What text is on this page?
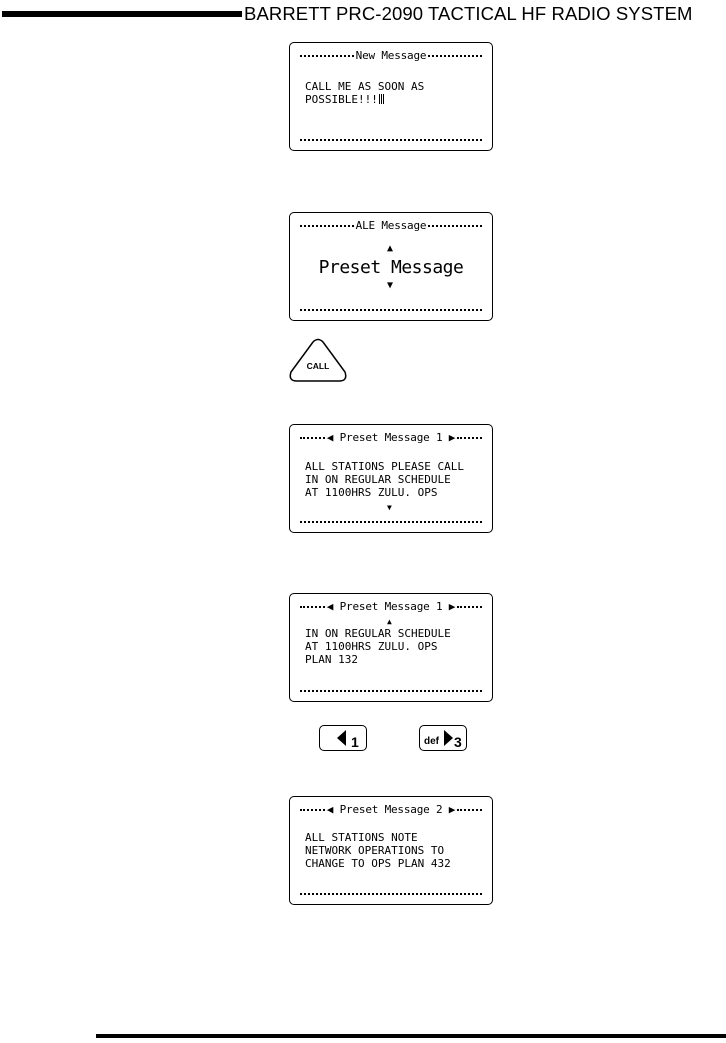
BARRETT PRC-2090 TACTICAL HF RADIO SYSTEM
New Message
CALL ME AS SOON AS
POSSIBLE!!!
ALE Message
▲
Preset Message
▼
CALL
◀ Preset Message 1 ▶
ALL STATIONS PLEASE CALL
IN ON REGULAR SCHEDULE
AT 1100HRS ZULU. OPS
▼
◀ Preset Message 1 ▶
▲
IN ON REGULAR SCHEDULE
AT 1100HRS ZULU. OPS
PLAN 132
1	def 3
◀ Preset Message 2 ▶
ALL STATIONS NOTE
NETWORK OPERATIONS TO
CHANGE TO OPS PLAN 432
